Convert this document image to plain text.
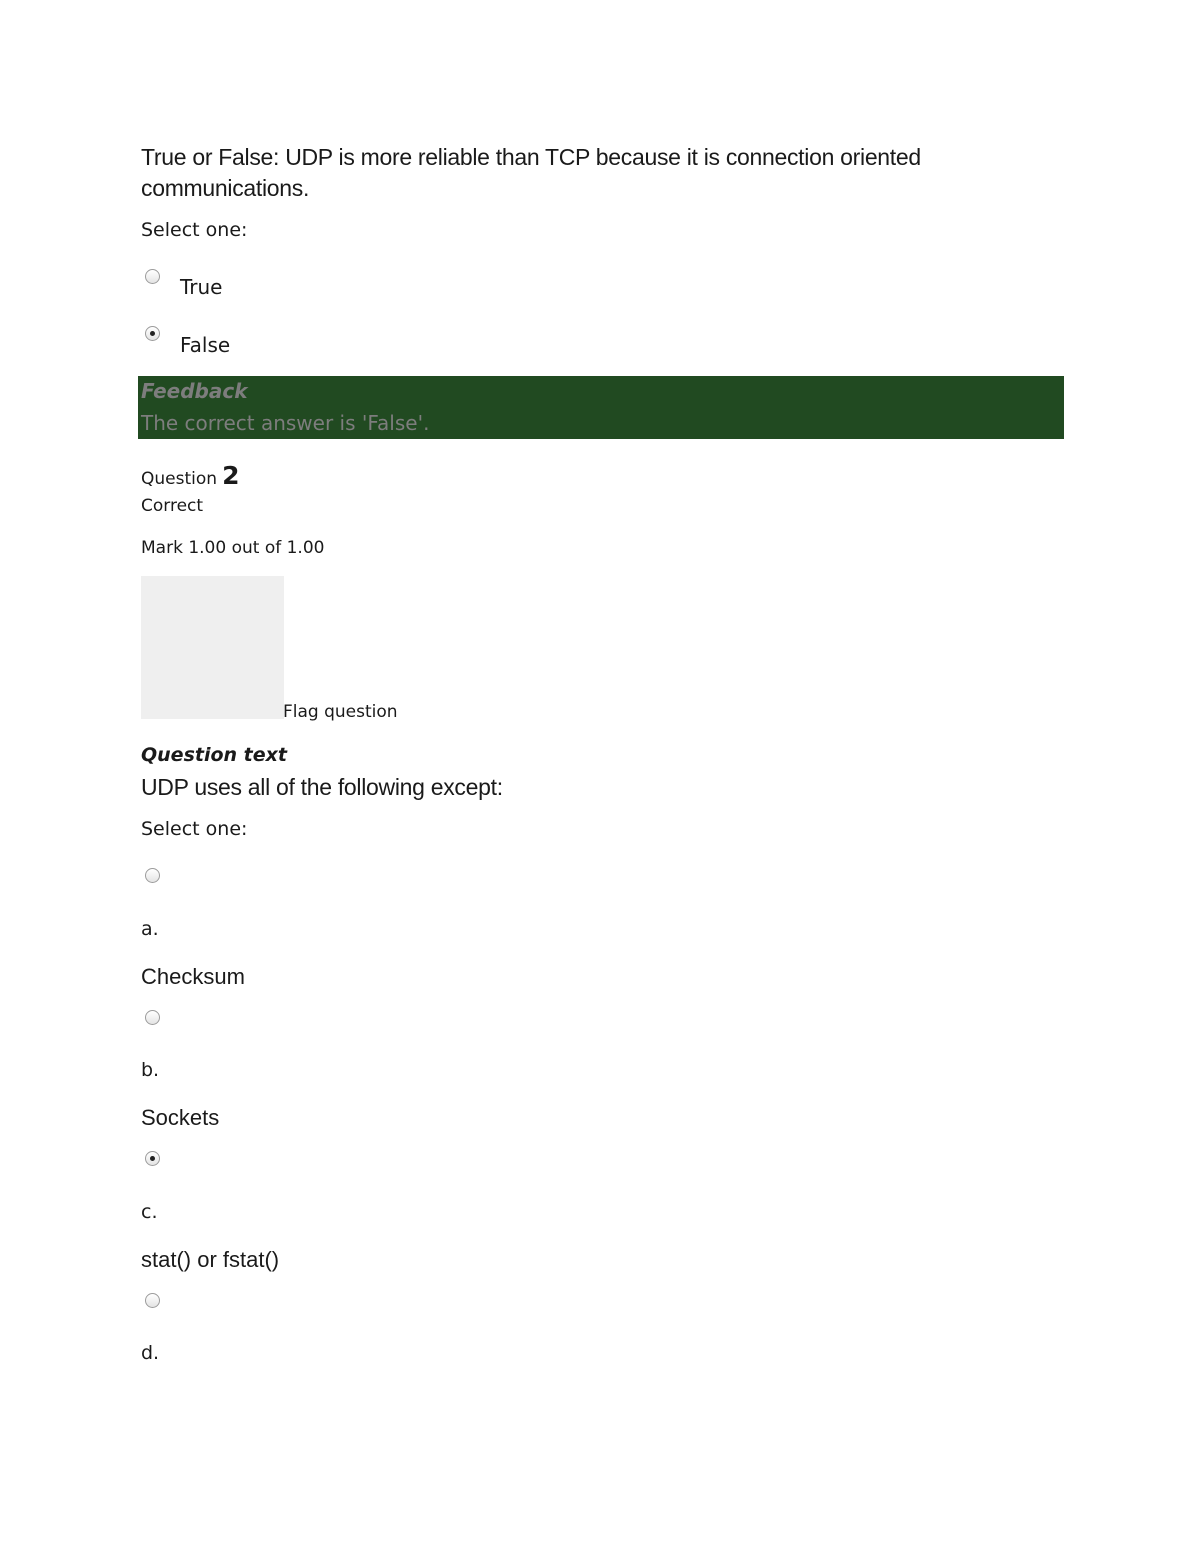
True or False: UDP is more reliable than TCP because it is connection oriented communications.
Select one:
True
False
Feedback
The correct answer is 'False'.
Question 2
Correct
Mark 1.00 out of 1.00
Flag question
Question text
UDP uses all of the following except:
Select one:
a.
Checksum
b.
Sockets
c.
stat() or fstat()
d.
